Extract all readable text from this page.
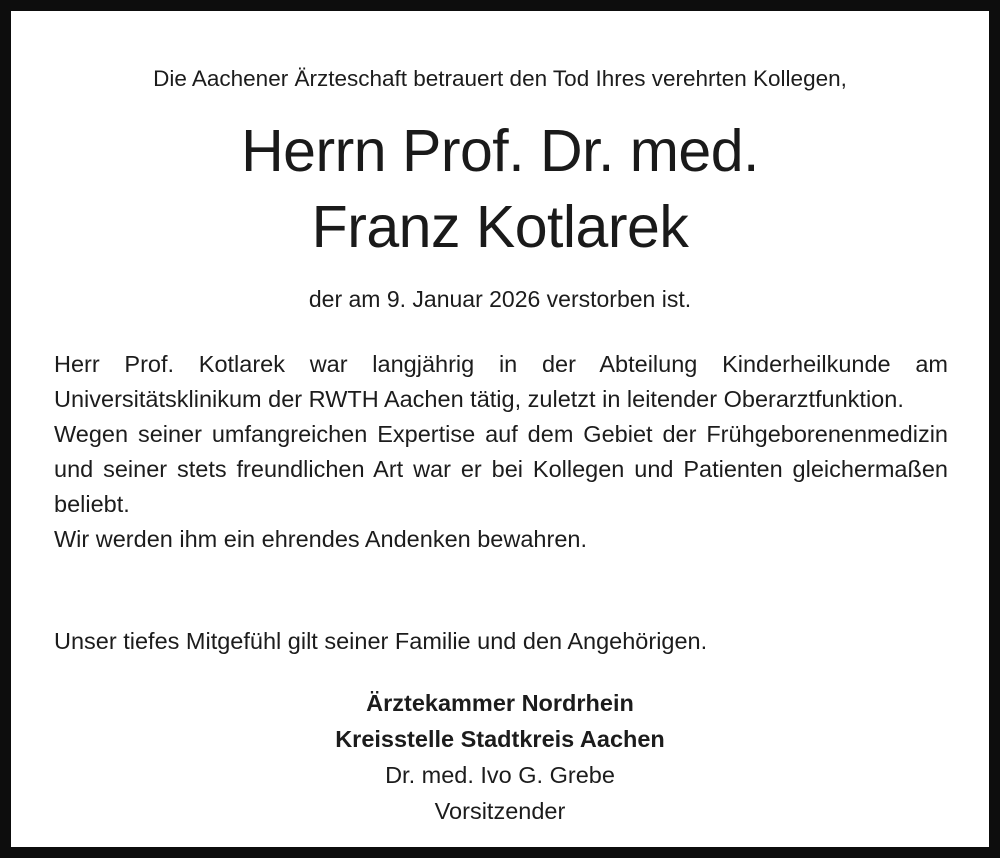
Die Aachener Ärzteschaft betrauert den Tod Ihres verehrten Kollegen,
Herrn Prof. Dr. med.
Franz Kotlarek
der am 9. Januar 2026 verstorben ist.

Herr Prof. Kotlarek war langjährig in der Abteilung Kinderheilkunde am Universitätsklinikum der RWTH Aachen tätig, zuletzt in leitender Oberarztfunktion.

Wegen seiner umfangreichen Expertise auf dem Gebiet der Frühgeborenenmedizin und seiner stets freundlichen Art war er bei Kollegen und Patienten gleichermaßen beliebt.

Wir werden ihm ein ehrendes Andenken bewahren.

Unser tiefes Mitgefühl gilt seiner Familie und den Angehörigen.
Ärztekammer Nordrhein
Kreisstelle Stadtkreis Aachen
Dr. med. Ivo G. Grebe
Vorsitzender
